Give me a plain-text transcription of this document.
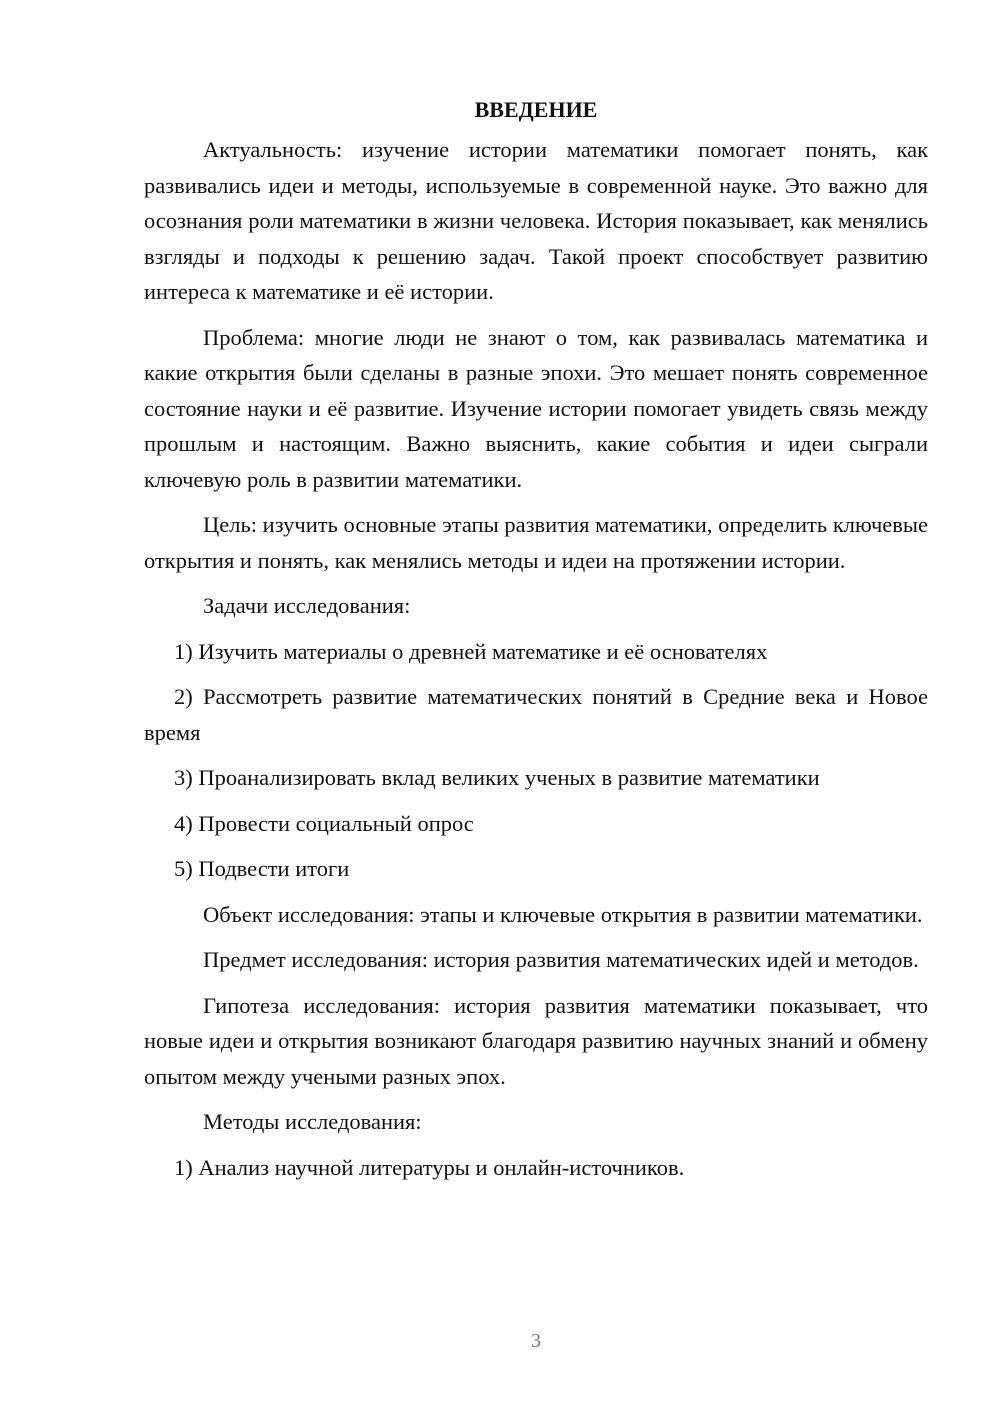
ВВЕДЕНИЕ

Актуальность: изучение истории математики помогает понять, как развивались идеи и методы, используемые в современной науке. Это важно для осознания роли математики в жизни человека. История показывает, как менялись взгляды и подходы к решению задач. Такой проект способствует развитию интереса к математике и её истории.

Проблема: многие люди не знают о том, как развивалась математика и какие открытия были сделаны в разные эпохи. Это мешает понять современное состояние науки и её развитие. Изучение истории помогает увидеть связь между прошлым и настоящим. Важно выяснить, какие события и идеи сыграли ключевую роль в развитии математики.

Цель: изучить основные этапы развития математики, определить ключевые открытия и понять, как менялись методы и идеи на протяжении истории.

Задачи исследования:

1) Изучить материалы о древней математике и её основателях

2) Рассмотреть развитие математических понятий в Средние века и Новое время

3) Проанализировать вклад великих ученых в развитие математики

4) Провести социальный опрос

5) Подвести итоги

Объект исследования: этапы и ключевые открытия в развитии математики.

Предмет исследования: история развития математических идей и методов.

Гипотеза исследования: история развития математики показывает, что новые идеи и открытия возникают благодаря развитию научных знаний и обмену опытом между учеными разных эпох.

Методы исследования:

1) Анализ научной литературы и онлайн-источников.

3
